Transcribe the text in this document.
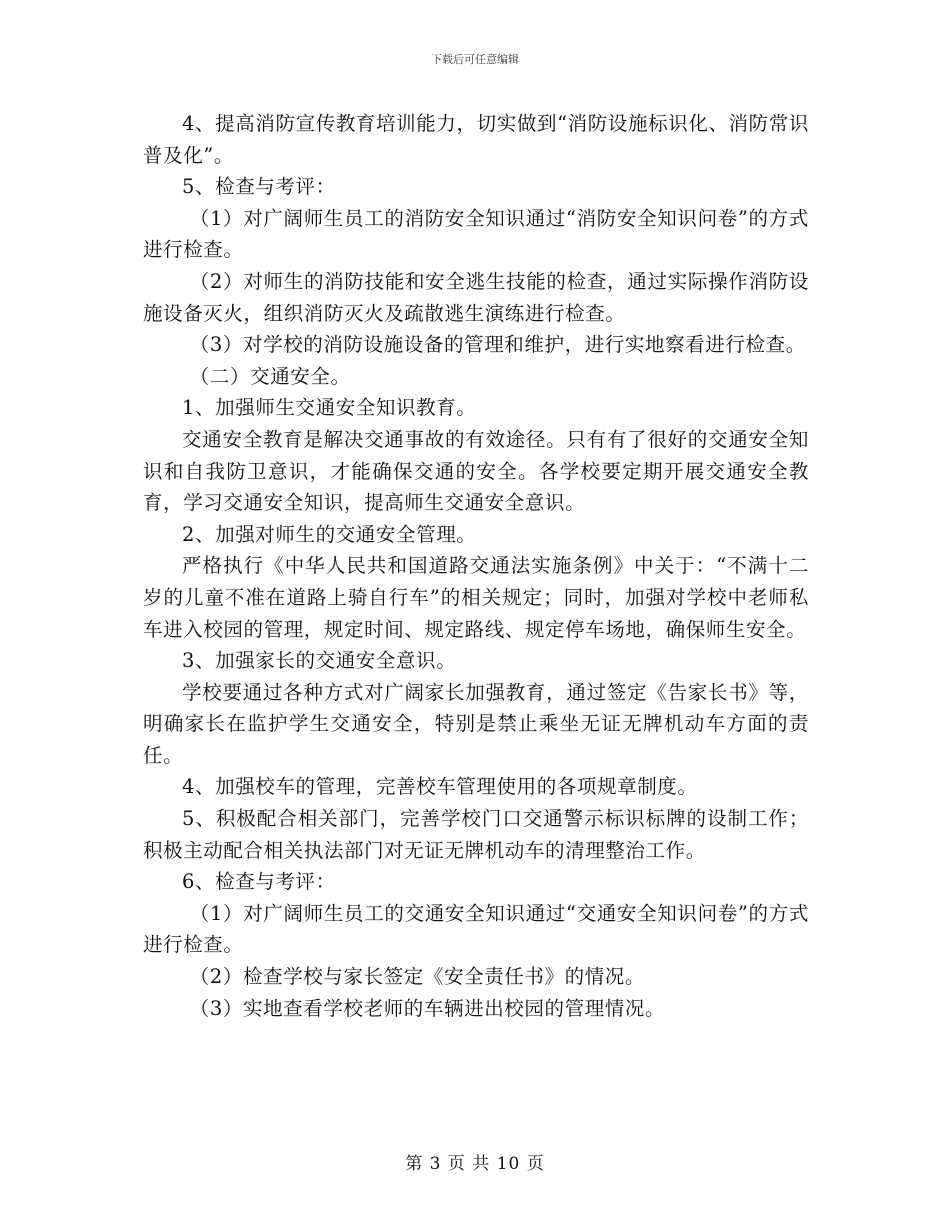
下载后可任意编辑

4、提高消防宣传教育培训能力，切实做到“消防设施标识化、消防常识普及化”。

5、检查与考评：

（1）对广阔师生员工的消防安全知识通过“消防安全知识问卷”的方式进行检查。

（2）对师生的消防技能和安全逃生技能的检查，通过实际操作消防设施设备灭火，组织消防灭火及疏散逃生演练进行检查。

（3）对学校的消防设施设备的管理和维护，进行实地察看进行检查。

（二）交通安全。

1、加强师生交通安全知识教育。

交通安全教育是解决交通事故的有效途径。只有有了很好的交通安全知识和自我防卫意识，才能确保交通的安全。各学校要定期开展交通安全教育，学习交通安全知识，提高师生交通安全意识。

2、加强对师生的交通安全管理。

严格执行《中华人民共和国道路交通法实施条例》中关于：“不满十二岁的儿童不准在道路上骑自行车”的相关规定；同时，加强对学校中老师私车进入校园的管理，规定时间、规定路线、规定停车场地，确保师生安全。

3、加强家长的交通安全意识。

学校要通过各种方式对广阔家长加强教育，通过签定《告家长书》等，明确家长在监护学生交通安全，特别是禁止乘坐无证无牌机动车方面的责任。

4、加强校车的管理，完善校车管理使用的各项规章制度。

5、积极配合相关部门，完善学校门口交通警示标识标牌的设制工作；积极主动配合相关执法部门对无证无牌机动车的清理整治工作。

6、检查与考评：

（1）对广阔师生员工的交通安全知识通过“交通安全知识问卷”的方式进行检查。

（2）检查学校与家长签定《安全责任书》的情况。

（3）实地查看学校老师的车辆进出校园的管理情况。

第 3 页 共 10 页
